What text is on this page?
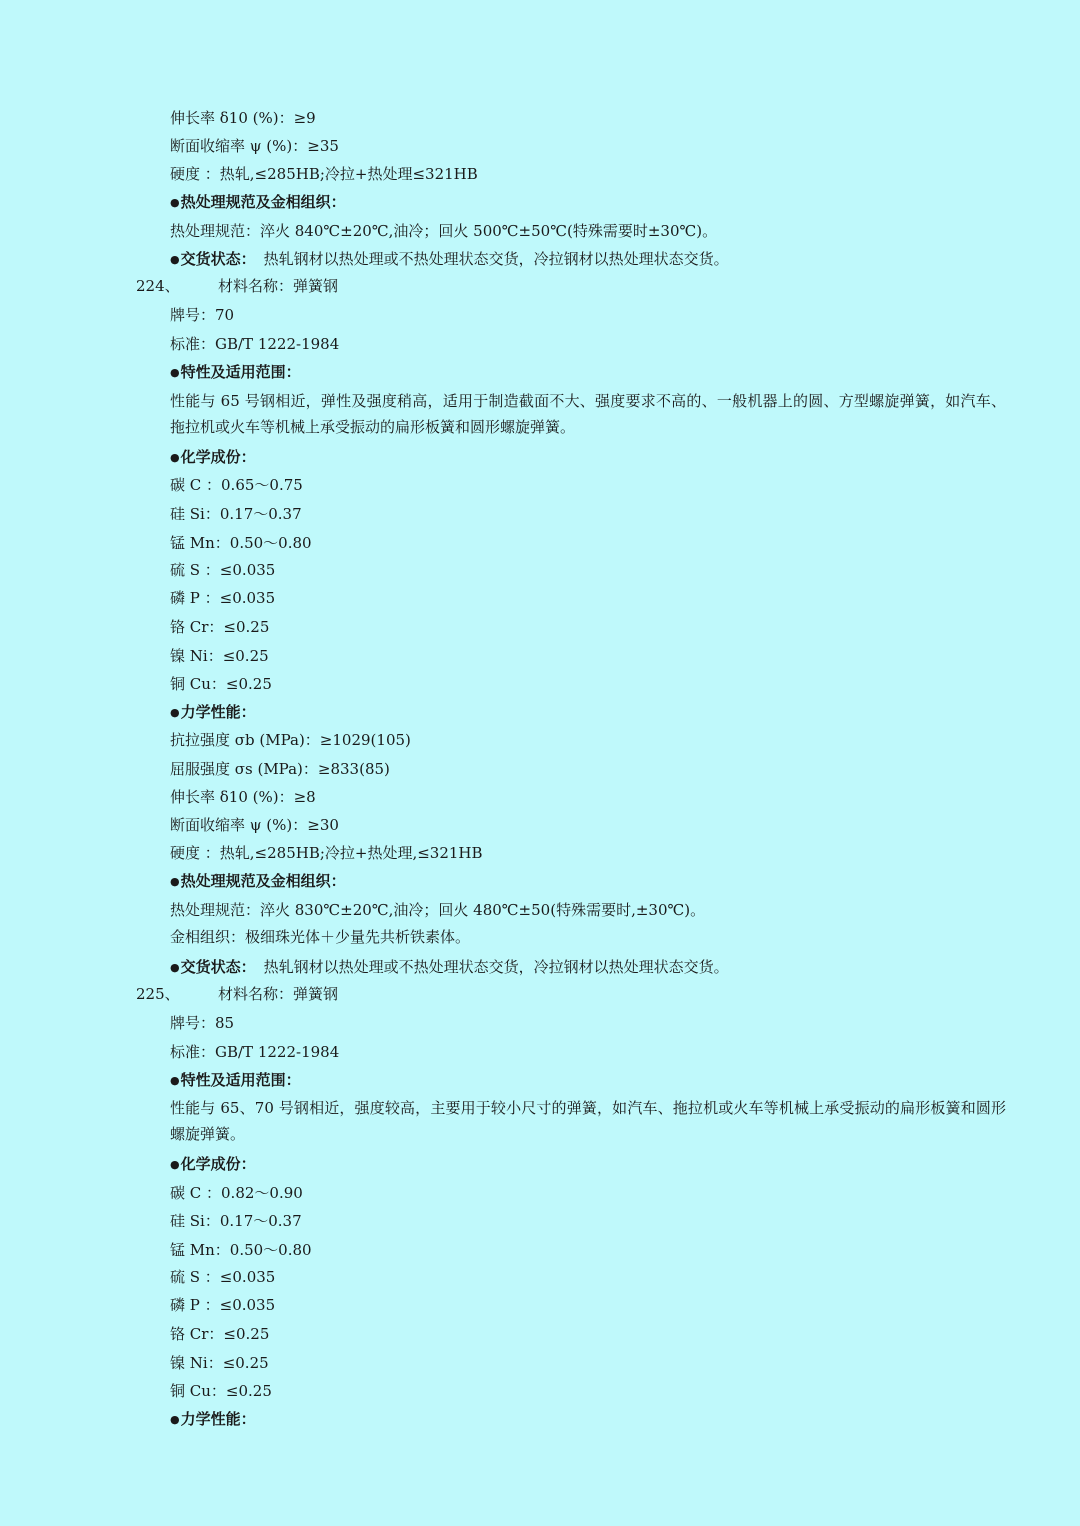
伸长率 δ10 (%)：≥9
断面收缩率 ψ (%)：≥35
硬度 ：热轧,≤285HB;冷拉+热处理≤321HB
● 热处理规范及金相组织：
热处理规范：淬火 840℃±20℃,油冷；回火 500℃±50℃(特殊需要时±30℃)。
● 交货状态： 热轧钢材以热处理或不热处理状态交货，冷拉钢材以热处理状态交货。
224、	材料名称：弹簧钢
牌号：70
标准：GB/T 1222-1984
● 特性及适用范围：
性能与 65 号钢相近，弹性及强度稍高，适用于制造截面不大、强度要求不高的、一般机器上的圆、方型螺旋弹簧，如汽车、拖拉机或火车等机械上承受振动的扁形板簧和圆形螺旋弹簧。
● 化学成份：
碳 C ：0.65～0.75
硅 Si：0.17～0.37
锰 Mn：0.50～0.80
硫 S ：≤0.035
磷 P ：≤0.035
铬 Cr：≤0.25
镍 Ni：≤0.25
铜 Cu：≤0.25
● 力学性能：
抗拉强度 σb (MPa)：≥1029(105)
屈服强度 σs (MPa)：≥833(85)
伸长率 δ10 (%)：≥8
断面收缩率 ψ (%)：≥30
硬度 ：热轧,≤285HB;冷拉+热处理,≤321HB
● 热处理规范及金相组织：
热处理规范：淬火 830℃±20℃,油冷；回火 480℃±50(特殊需要时,±30℃)。
金相组织：极细珠光体＋少量先共析铁素体。
● 交货状态： 热轧钢材以热处理或不热处理状态交货，冷拉钢材以热处理状态交货。
225、	材料名称：弹簧钢
牌号：85
标准：GB/T 1222-1984
● 特性及适用范围：
性能与 65、70 号钢相近，强度较高，主要用于较小尺寸的弹簧，如汽车、拖拉机或火车等机械上承受振动的扁形板簧和圆形螺旋弹簧。
● 化学成份：
碳 C ：0.82～0.90
硅 Si：0.17～0.37
锰 Mn：0.50～0.80
硫 S ：≤0.035
磷 P ：≤0.035
铬 Cr：≤0.25
镍 Ni：≤0.25
铜 Cu：≤0.25
● 力学性能：
